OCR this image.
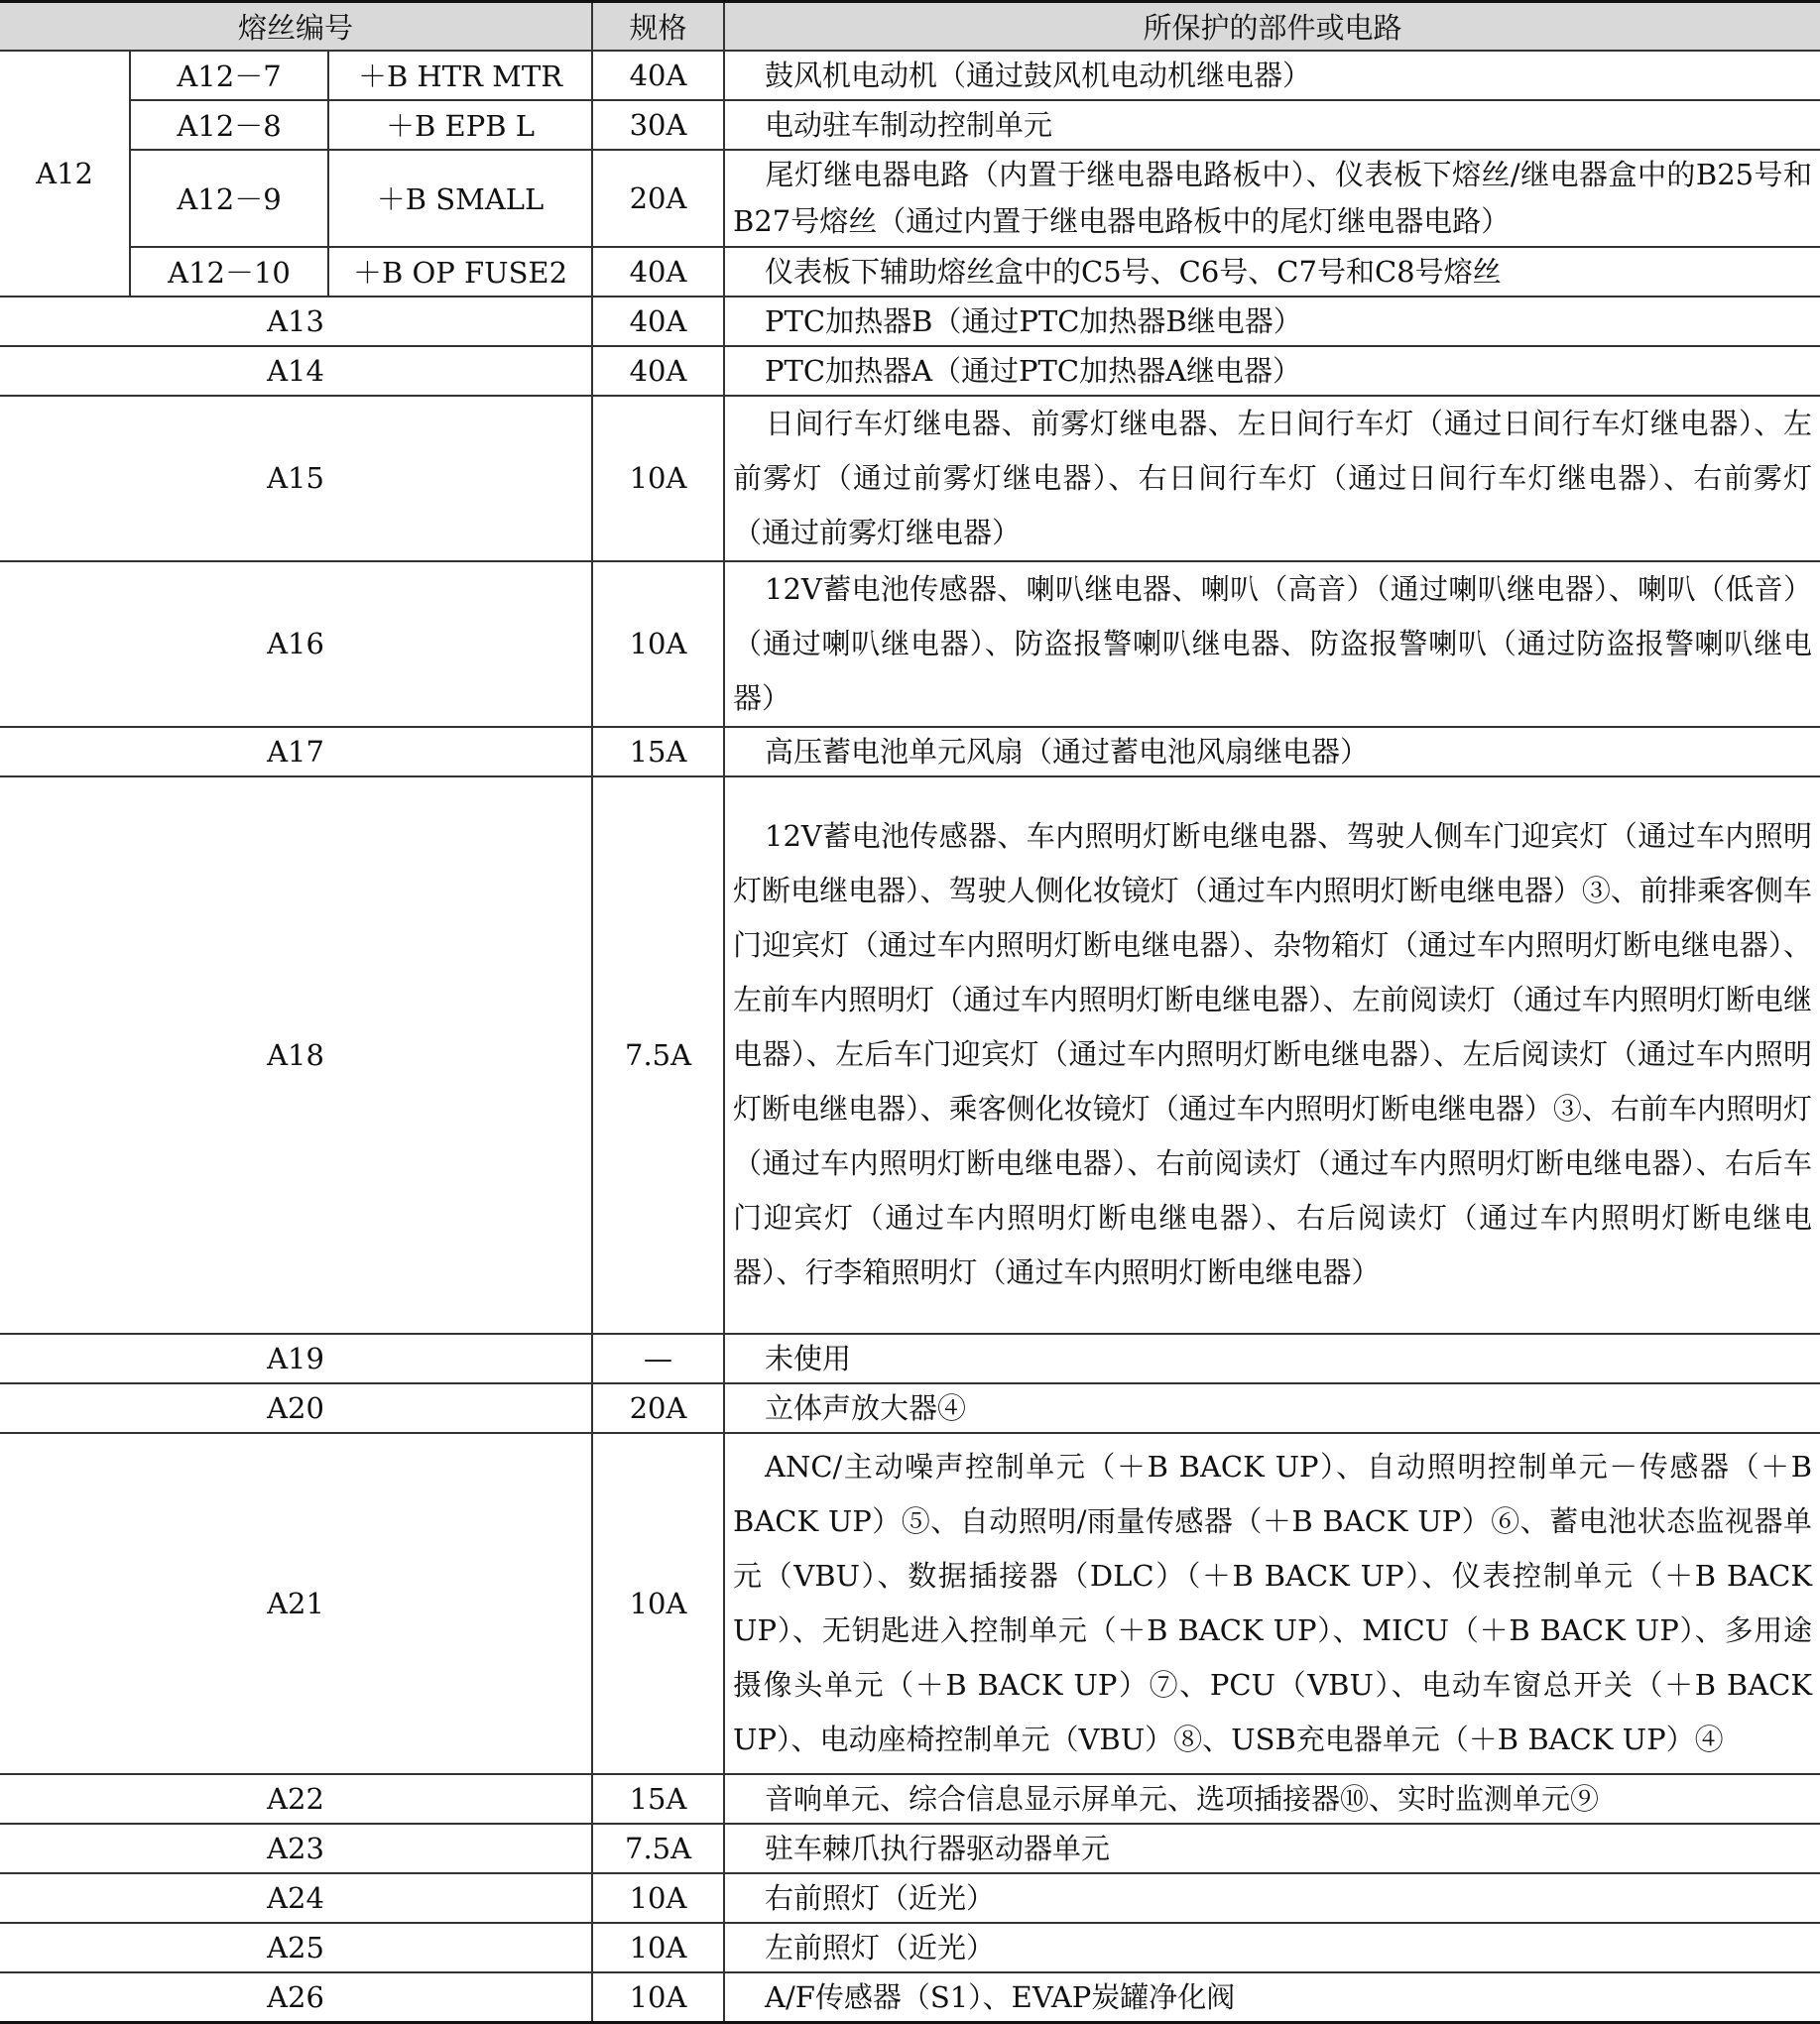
熔丝编号			规格	所保护的部件或电路
A12	A12－7	＋B HTR MTR	40A	鼓风机电动机（通过鼓风机电动机继电器）
	A12－8	＋B EPB L	30A	电动驻车制动控制单元
	A12－9	＋B SMALL	20A	尾灯继电器电路（内置于继电器电路板中）、仪表板下熔丝/继电器盒中的B25号和B27号熔丝（通过内置于继电器电路板中的尾灯继电器电路）
	A12－10	＋B OP FUSE2	40A	仪表板下辅助熔丝盒中的C5号、C6号、C7号和C8号熔丝
A13			40A	PTC加热器B（通过PTC加热器B继电器）
A14			40A	PTC加热器A（通过PTC加热器A继电器）
A15			10A	日间行车灯继电器、前雾灯继电器、左日间行车灯（通过日间行车灯继电器）、左前雾灯（通过前雾灯继电器）、右日间行车灯（通过日间行车灯继电器）、右前雾灯（通过前雾灯继电器）
A16			10A	12V蓄电池传感器、喇叭继电器、喇叭（高音）（通过喇叭继电器）、喇叭（低音）（通过喇叭继电器）、防盗报警喇叭继电器、防盗报警喇叭（通过防盗报警喇叭继电器）
A17			15A	高压蓄电池单元风扇（通过蓄电池风扇继电器）
A18			7.5A	12V蓄电池传感器、车内照明灯断电继电器、驾驶人侧车门迎宾灯（通过车内照明灯断电继电器）、驾驶人侧化妆镜灯（通过车内照明灯断电继电器）③、前排乘客侧车门迎宾灯（通过车内照明灯断电继电器）、杂物箱灯（通过车内照明灯断电继电器）、左前车内照明灯（通过车内照明灯断电继电器）、左前阅读灯（通过车内照明灯断电继电器）、左后车门迎宾灯（通过车内照明灯断电继电器）、左后阅读灯（通过车内照明灯断电继电器）、乘客侧化妆镜灯（通过车内照明灯断电继电器）③、右前车内照明灯（通过车内照明灯断电继电器）、右前阅读灯（通过车内照明灯断电继电器）、右后车门迎宾灯（通过车内照明灯断电继电器）、右后阅读灯（通过车内照明灯断电继电器）、行李箱照明灯（通过车内照明灯断电继电器）
A19			—	未使用
A20			20A	立体声放大器④
A21			10A	ANC/主动噪声控制单元（＋B BACK UP）、自动照明控制单元－传感器（＋B BACK UP）⑤、自动照明/雨量传感器（＋B BACK UP）⑥、蓄电池状态监视器单元（VBU）、数据插接器（DLC）（＋B BACK UP）、仪表控制单元（＋B BACK UP）、无钥匙进入控制单元（＋B BACK UP）、MICU（＋B BACK UP）、多用途摄像头单元（＋B BACK UP）⑦、PCU（VBU）、电动车窗总开关（＋B BACK UP）、电动座椅控制单元（VBU）⑧、USB充电器单元（＋B BACK UP）④
A22			15A	音响单元、综合信息显示屏单元、选项插接器⑩、实时监测单元⑨
A23			7.5A	驻车棘爪执行器驱动器单元
A24			10A	右前照灯（近光）
A25			10A	左前照灯（近光）
A26			10A	A/F传感器（S1）、EVAP炭罐净化阀
